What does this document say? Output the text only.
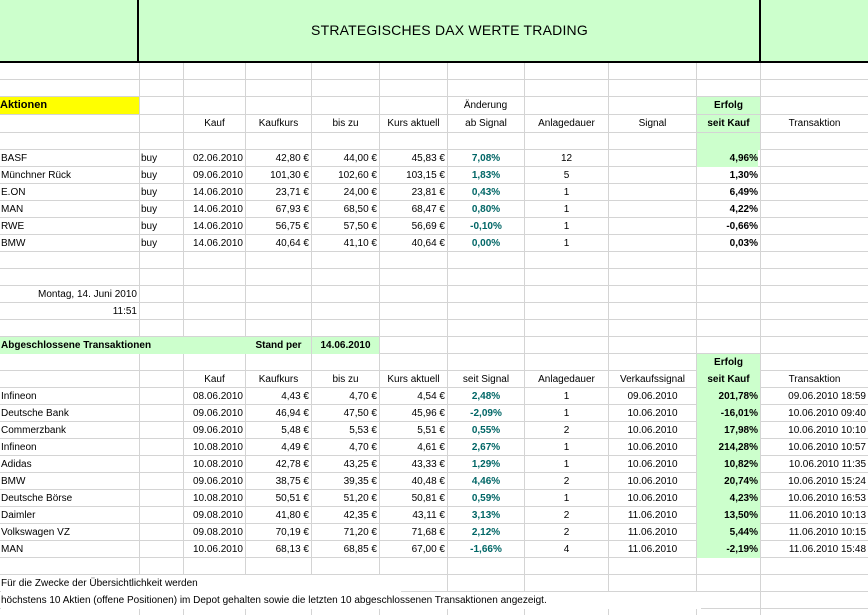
STRATEGISCHES DAX WERTE TRADING
Aktionen	Änderung	Erfolg
Kauf	Kaufkurs	bis zu	Kurs aktuell	ab Signal	Anlagedauer	Signal	seit Kauf	Transaktion
BASF	buy	02.06.2010	42,80 €	44,00 €	45,83 €	7,08%	12	4,96%
Münchner Rück	buy	09.06.2010	101,30 €	102,60 €	103,15 €	1,83%	5	1,30%
E.ON	buy	14.06.2010	23,71 €	24,00 €	23,81 €	0,43%	1	6,49%
MAN	buy	14.06.2010	67,93 €	68,50 €	68,47 €	0,80%	1	4,22%
RWE	buy	14.06.2010	56,75 €	57,50 €	56,69 €	-0,10%	1	-0,66%
BMW	buy	14.06.2010	40,64 €	41,10 €	40,64 €	0,00%	1	0,03%
Montag, 14. Juni 2010
11:51
Abgeschlossene Transaktionen	Stand per	14.06.2010
Erfolg
Kauf	Kaufkurs	bis zu	Kurs aktuell	seit Signal	Anlagedauer	Verkaufssignal	seit Kauf	Transaktion
Infineon	08.06.2010	4,43 €	4,70 €	4,54 €	2,48%	1	09.06.2010	201,78%	09.06.2010 18:59
Deutsche Bank	09.06.2010	46,94 €	47,50 €	45,96 €	-2,09%	1	10.06.2010	-16,01%	10.06.2010 09:40
Commerzbank	09.06.2010	5,48 €	5,53 €	5,51 €	0,55%	2	10.06.2010	17,98%	10.06.2010 10:10
Infineon	10.08.2010	4,49 €	4,70 €	4,61 €	2,67%	1	10.06.2010	214,28%	10.06.2010 10:57
Adidas	10.08.2010	42,78 €	43,25 €	43,33 €	1,29%	1	10.06.2010	10,82%	10.06.2010 11:35
BMW	09.06.2010	38,75 €	39,35 €	40,48 €	4,46%	2	10.06.2010	20,74%	10.06.2010 15:24
Deutsche Börse	10.08.2010	50,51 €	51,20 €	50,81 €	0,59%	1	10.06.2010	4,23%	10.06.2010 16:53
Daimler	09.08.2010	41,80 €	42,35 €	43,11 €	3,13%	2	11.06.2010	13,50%	11.06.2010 10:13
Volkswagen VZ	09.08.2010	70,19 €	71,20 €	71,68 €	2,12%	2	11.06.2010	5,44%	11.06.2010 10:15
MAN	10.06.2010	68,13 €	68,85 €	67,00 €	-1,66%	4	11.06.2010	-2,19%	11.06.2010 15:48
Für die Zwecke der Übersichtlichkeit werden
höchstens 10 Aktien (offene Positionen) im Depot gehalten sowie die letzten 10 abgeschlossenen Transaktionen angezeigt.
